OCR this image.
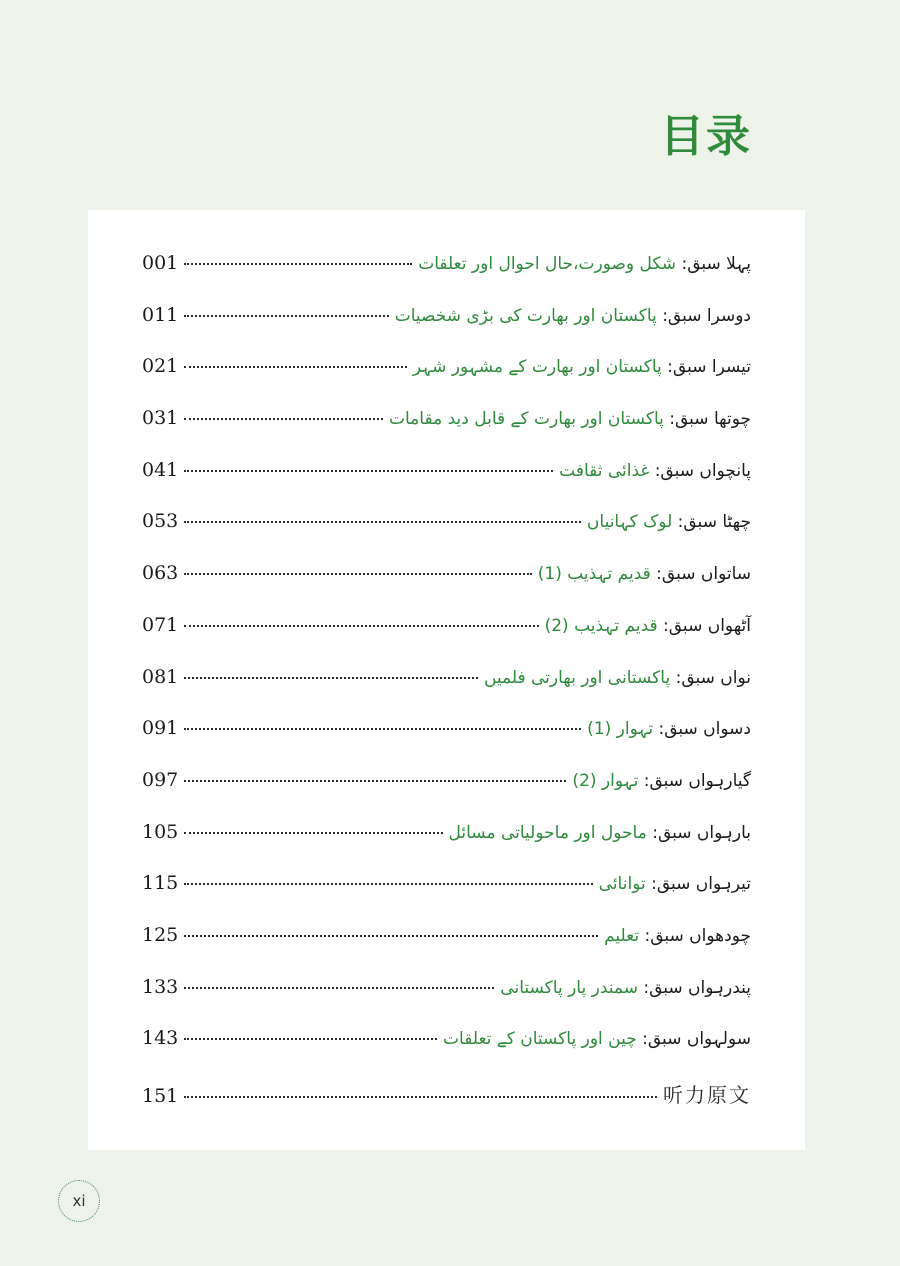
目录
001	پہلا سبق: شکل وصورت،حال احوال اور تعلقات
011	دوسرا سبق: پاکستان اور بھارت کی بڑی شخصیات
021	تیسرا سبق: پاکستان اور بھارت کے مشہور شہر
031	چوتھا سبق: پاکستان اور بھارت کے قابل دید مقامات
041	پانچواں سبق: غذائی ثقافت
053	چھٹا سبق: لوک کہانیاں
063	ساتواں سبق: قدیم تہذیب (1)
071	آٹھواں سبق: قدیم تہذیب (2)
081	نواں سبق: پاکستانی اور بھارتی فلمیں
091	دسواں سبق: تہوار (1)
097	گیارہواں سبق: تہوار (2)
105	بارہواں سبق: ماحول اور ماحولیاتی مسائل
115	تیرہواں سبق: توانائی
125	چودھواں سبق: تعلیم
133	پندرہواں سبق: سمندر پار پاکستانی
143	سولہواں سبق: چین اور پاکستان کے تعلقات
151	听力原文
xi
